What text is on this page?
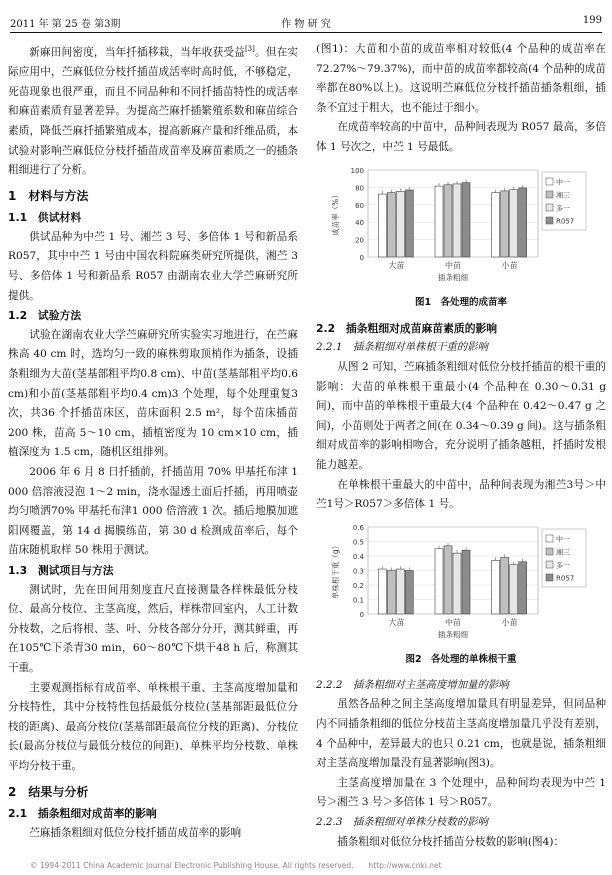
2011 年 第 25 卷 第3期	作 物 研 究	199

新麻田间密度，当年扦插移栽，当年收获受益[3]。但在实际应用中，苎麻低位分枝扦插苗成活率时高时低，不够稳定，死苗现象也很严重，而且不同品种和不同扦插苗特性的成活率和麻苗素质有显著差异。为提高苎麻扦插繁殖系数和麻苗综合素质，降低苎麻扦插繁殖成本，提高新麻产量和纤维品质，本试验对影响苎麻低位分枝扦插苗成苗率及麻苗素质之一的插条粗细进行了分析。

1　材料与方法
1.1　供试材料

供试品种为中苎 1 号、湘苎 3 号、多倍体 1 号和新品系 R057，其中中苎 1 号由中国农科院麻类研究所提供，湘苎 3 号、多倍体 1 号和新品系 R057 由湖南农业大学苎麻研究所提供。

1.2　试验方法

试验在湖南农业大学苎麻研究所实验实习地进行，在苎麻株高 40 cm 时，选均匀一致的麻株剪取顶梢作为插条，设插条粗细为大苗(茎基部粗平均0.8 cm)、中苗(茎基部粗平均0.6 cm)和小苗(茎基部粗平均0.4 cm)3 个处理，每个处理重复3 次，共36 个扦插苗床区，苗床面积 2.5 m²，每个苗床插苗 200 株，苗高 5～10 cm，插植密度为 10 cm×10 cm，插植深度为 1.5 cm，随机区组排列。

2006 年 6 月 8 日扦插前，扦插苗用 70% 甲基托布津 1 000 倍溶液浸泡 1～2 min，浇水湿透土面后扦插，再用喷壶均匀喷洒70% 甲基托布津1 000 倍溶液 1 次。插后地膜加遮阳网覆盖，第 14 d 揭膜练苗，第 30 d 检测成苗率后，每个苗床随机取样 50 株用于测试。

1.3　测试项目与方法

测试时，先在田间用刻度直尺直接测量各样株最低分枝位、最高分枝位、主茎高度，然后，样株带回室内，人工计数分枝数，之后将根、茎、叶、分枝各部分分开，测其鲜重，再在105℃下杀青30 min，60～80℃下烘干48 h 后，称测其干重。

主要观测指标有成苗率、单株根干重、主茎高度增加量和分枝特性，其中分枝特性包括最低分枝位(茎基部距最低位分枝的距离)、最高分枝位(茎基部距最高位分枝的距离)、分枝位长(最高分枝位与最低分枝位的间距)、单株平均分枝数、单株平均分枝干重。

2　结果与分析
2.1　插条粗细对成苗率的影响

苎麻插条粗细对低位分枝扦插苗成苗率的影响

(图1)：大苗和小苗的成苗率相对较低(4 个品种的成苗率在72.27%～79.37%)，而中苗的成苗率都较高(4 个品种的成苗率都在80%以上)。这说明苎麻低位分枝扦插苗插条粗细，插条不宜过于粗大，也不能过于细小。

在成苗率较高的中苗中，品种间表现为 R057 最高，多倍体 1 号次之，中苎 1 号最低。

0
20
40
60
80
100
成苗率（%）
大苗	中苗	小苗
插条粗细
中一
湘三
多一
R057
图1　各处理的成苗率
2.2　插条粗细对成苗麻苗素质的影响
2.2.1　插条粗细对单株根干重的影响

从图 2 可知，苎麻插条粗细对低位分枝扦插苗的根干重的影响：大苗的单株根干重最小(4 个品种在 0.30～0.31 g 间)，而中苗的单株根干重最大(4 个品种在 0.42～0.47 g 之间)，小苗则处于两者之间(在 0.34～0.39 g 间)。这与插条粗细对成苗率的影响相吻合，充分说明了插条越粗，扦插时发根能力越差。

在单株根干重最大的中苗中，品种间表现为湘苎3号＞中苎1号＞R057＞多倍体 1 号。

0
0.1
0.2
0.3
0.4
0.5
0.6
单株根干重（g）
大苗	中苗	小苗
插条粗细
中一
湘三
多一
R057
图2　各处理的单株根干重
2.2.2　插条粗细对主茎高度增加量的影响

虽然各品种之间主茎高度增加量具有明显差异，但同品种内不同插条粗细的低位分枝苗主茎高度增加量几乎没有差别，4 个品种中，差异最大的也只 0.21 cm，也就是说，插条粗细对主茎高度增加量没有显著影响(图3)。

主茎高度增加量在 3 个处理中，品种间均表现为中苎 1 号＞湘苎 3 号＞多倍体 1 号＞R057。

2.2.3　插条粗细对单株分枝数的影响

插条粗细对低位分枝扦插苗分枝数的影响(图4)：

© 1994-2011 China Academic Journal Electronic Publishing House. All rights reserved.　　http://www.cnki.net
